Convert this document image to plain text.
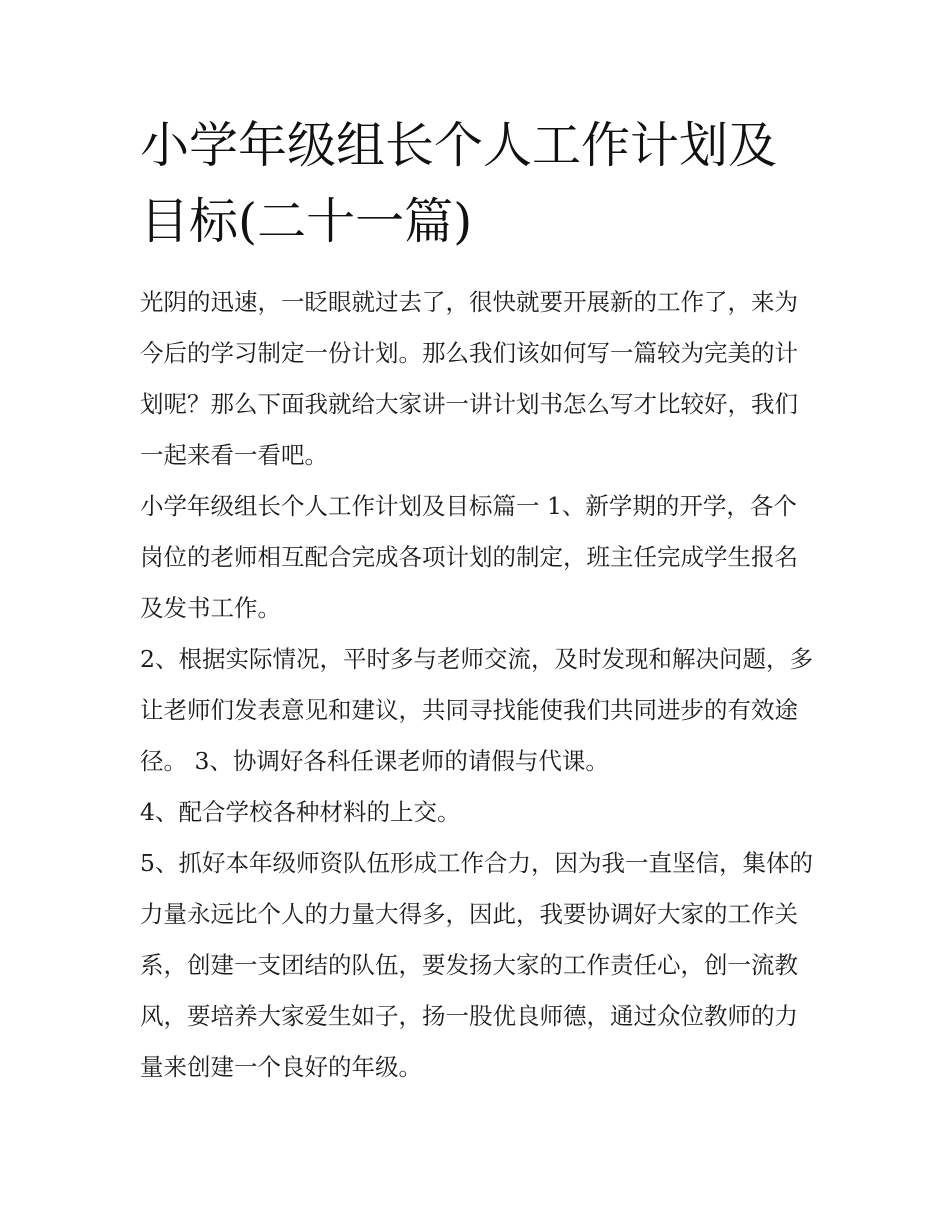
小学年级组长个人工作计划及目标(二十一篇)

光阴的迅速，一眨眼就过去了，很快就要开展新的工作了，来为今后的学习制定一份计划。那么我们该如何写一篇较为完美的计划呢？那么下面我就给大家讲一讲计划书怎么写才比较好，我们一起来看一看吧。

小学年级组长个人工作计划及目标篇一 1、新学期的开学，各个岗位的老师相互配合完成各项计划的制定，班主任完成学生报名及发书工作。

2、根据实际情况，平时多与老师交流，及时发现和解决问题，多让老师们发表意见和建议，共同寻找能使我们共同进步的有效途径。 3、协调好各科任课老师的请假与代课。

4、配合学校各种材料的上交。

5、抓好本年级师资队伍形成工作合力，因为我一直坚信，集体的力量永远比个人的力量大得多，因此，我要协调好大家的工作关系，创建一支团结的队伍，要发扬大家的工作责任心，创一流教风，要培养大家爱生如子，扬一股优良师德，通过众位教师的力量来创建一个良好的年级。
